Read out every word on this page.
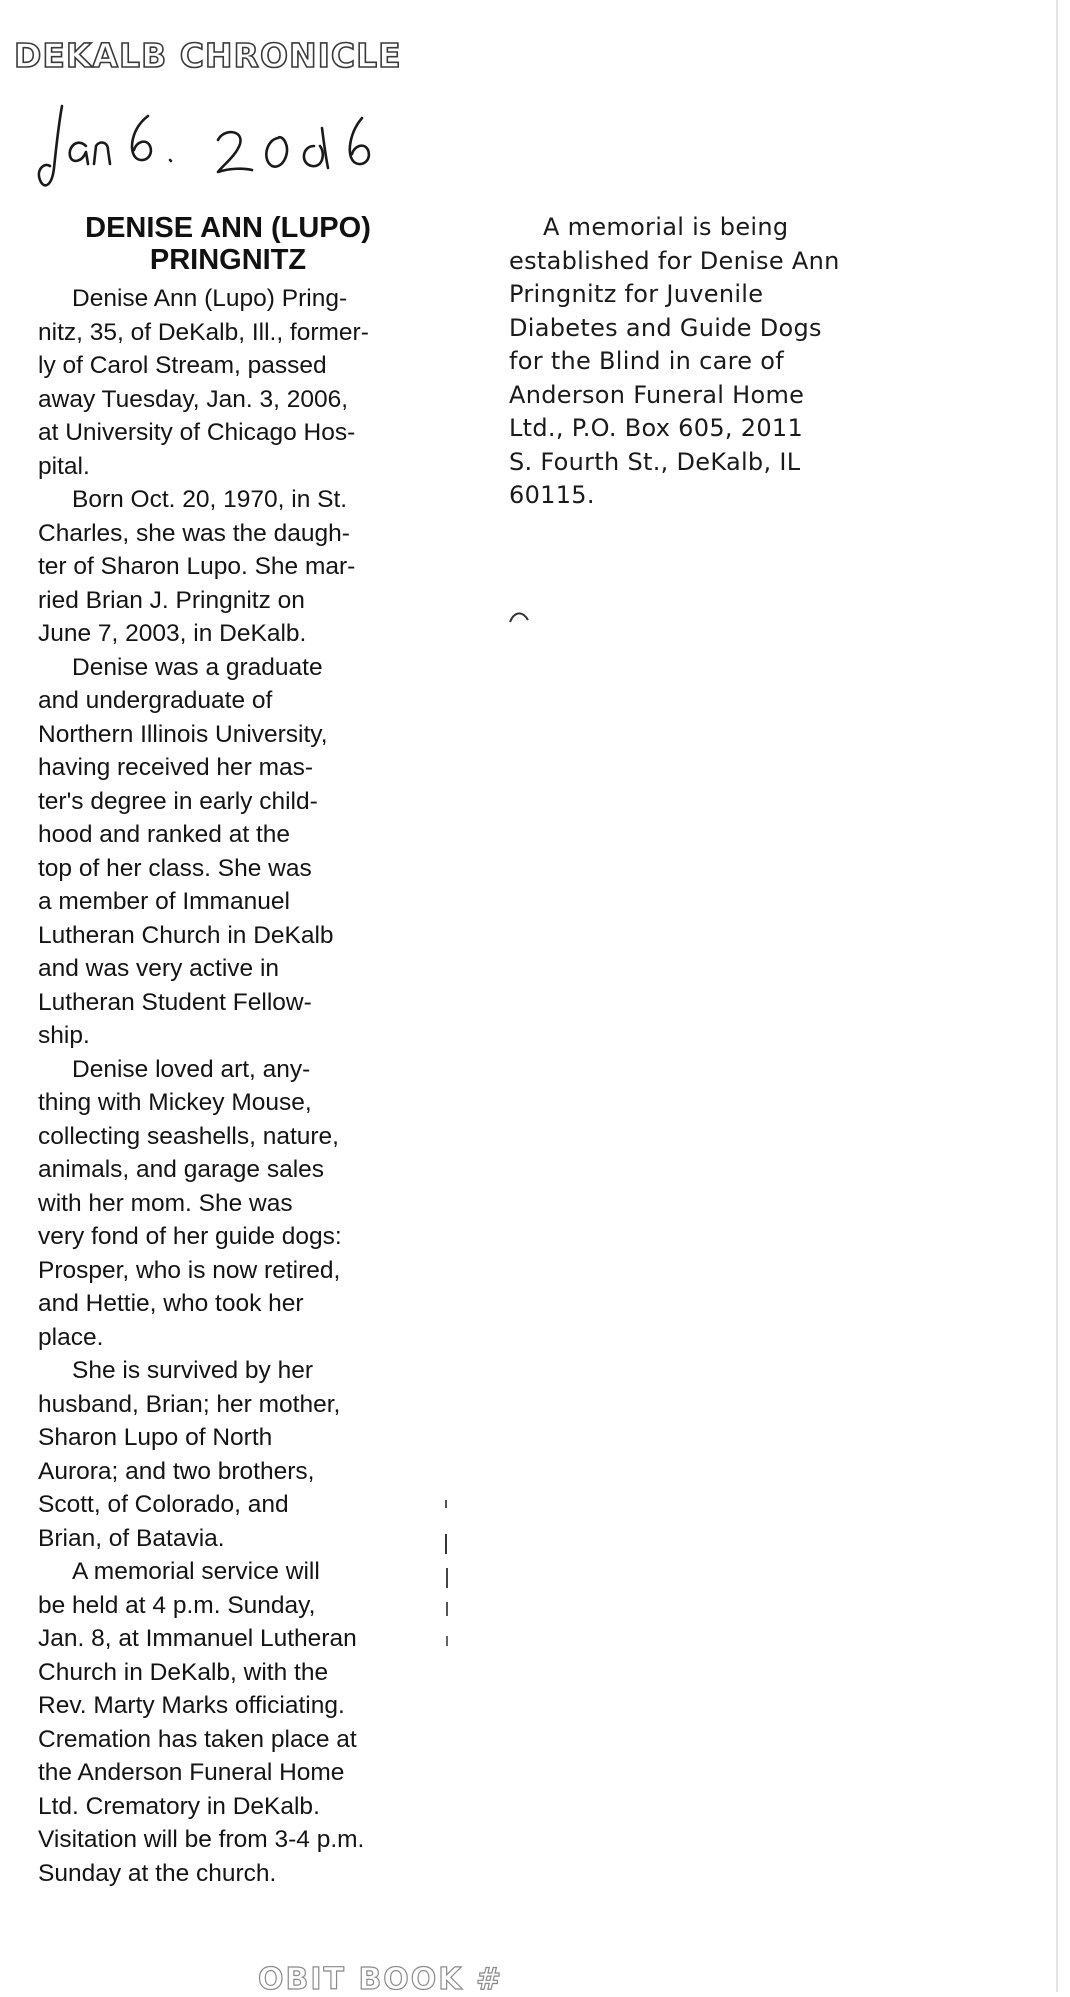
DEKALB CHRONICLE
DENISE ANN (LUPO)
PRINGNITZ

Denise Ann (Lupo) Pring-
nitz, 35, of DeKalb, Ill., former-
ly of Carol Stream, passed
away Tuesday, Jan. 3, 2006,
at University of Chicago Hos-
pital.

Born Oct. 20, 1970, in St.
Charles, she was the daugh-
ter of Sharon Lupo. She mar-
ried Brian J. Pringnitz on
June 7, 2003, in DeKalb.

Denise was a graduate
and undergraduate of
Northern Illinois University,
having received her mas-
ter's degree in early child-
hood and ranked at the
top of her class. She was
a member of Immanuel
Lutheran Church in DeKalb
and was very active in
Lutheran Student Fellow-
ship.

Denise loved art, any-
thing with Mickey Mouse,
collecting seashells, nature,
animals, and garage sales
with her mom. She was
very fond of her guide dogs:
Prosper, who is now retired,
and Hettie, who took her
place.

She is survived by her
husband, Brian; her mother,
Sharon Lupo of North
Aurora; and two brothers,
Scott, of Colorado, and
Brian, of Batavia.

A memorial service will
be held at 4 p.m. Sunday,
Jan. 8, at Immanuel Lutheran
Church in DeKalb, with the
Rev. Marty Marks officiating.
Cremation has taken place at
the Anderson Funeral Home
Ltd. Crematory in DeKalb.
Visitation will be from 3-4 p.m.
Sunday at the church.

A memorial is being
established for Denise Ann
Pringnitz for Juvenile
Diabetes and Guide Dogs
for the Blind in care of
Anderson Funeral Home
Ltd., P.O. Box 605, 2011
S. Fourth St., DeKalb, IL
60115.
OBIT BOOK #
